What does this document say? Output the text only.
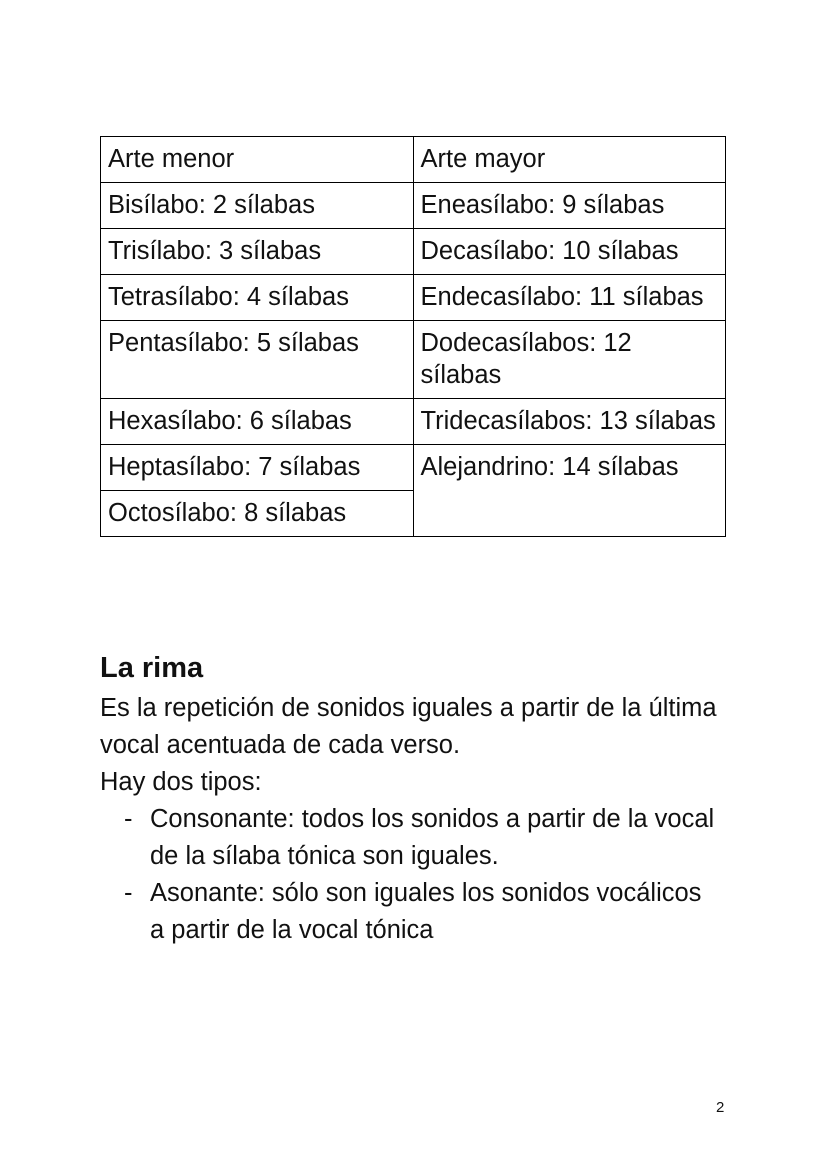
Arte menor	Arte mayor
Bisílabo: 2 sílabas	Eneasílabo: 9 sílabas
Trisílabo: 3 sílabas	Decasílabo: 10 sílabas
Tetrasílabo: 4 sílabas	Endecasílabo: 11 sílabas
Pentasílabo: 5 sílabas	Dodecasílabos: 12 sílabas
Hexasílabo: 6 sílabas	Tridecasílabos: 13 sílabas
Heptasílabo: 7 sílabas	Alejandrino: 14 sílabas
Octosílabo: 8 sílabas	
La rima

Es la repetición de sonidos iguales a partir de la última vocal acentuada de cada verso.

Hay dos tipos:

- Consonante: todos los sonidos a partir de la vocal de la sílaba tónica son iguales.
- Asonante: sólo son iguales los sonidos vocálicos a partir de la vocal tónica
2
